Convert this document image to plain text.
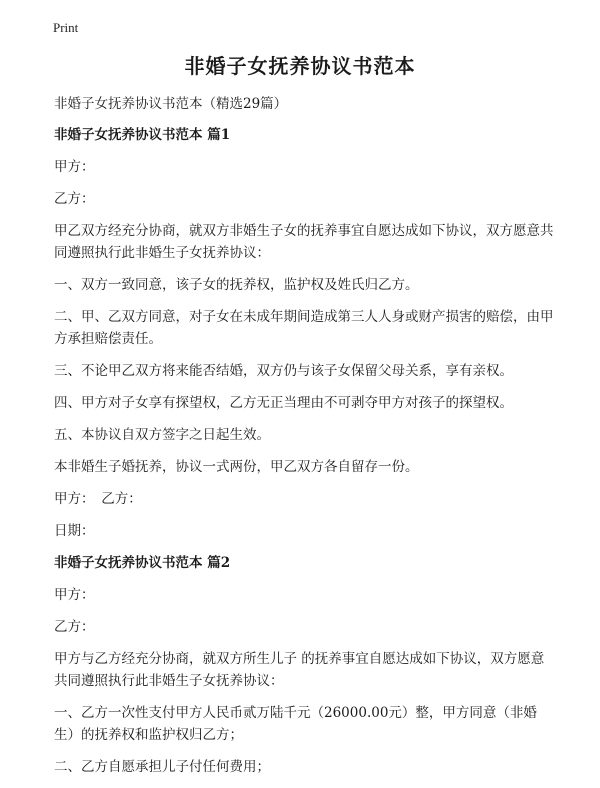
Print
非婚子女抚养协议书范本
非婚子女抚养协议书范本（精选29篇）
非婚子女抚养协议书范本 篇1
甲方：
乙方：
甲乙双方经充分协商，就双方非婚生子女的抚养事宜自愿达成如下协议，双方愿意共同遵照执行此非婚生子女抚养协议：
一、双方一致同意，该子女的抚养权，监护权及姓氏归乙方。
二、甲、乙双方同意，对子女在未成年期间造成第三人人身或财产损害的赔偿，由甲方承担赔偿责任。
三、不论甲乙双方将来能否结婚，双方仍与该子女保留父母关系，享有亲权。
四、甲方对子女享有探望权，乙方无正当理由不可剥夺甲方对孩子的探望权。
五、本协议自双方签字之日起生效。
本非婚生子婚抚养，协议一式两份，甲乙双方各自留存一份。
甲方：　乙方：
日期：
非婚子女抚养协议书范本 篇2
甲方：
乙方：
甲方与乙方经充分协商，就双方所生儿子 的抚养事宜自愿达成如下协议，双方愿意共同遵照执行此非婚生子女抚养协议：
一、乙方一次性支付甲方人民币贰万陆千元（26000.00元）整，甲方同意（非婚生）的抚养权和监护权归乙方；
二、乙方自愿承担儿子付任何费用；
